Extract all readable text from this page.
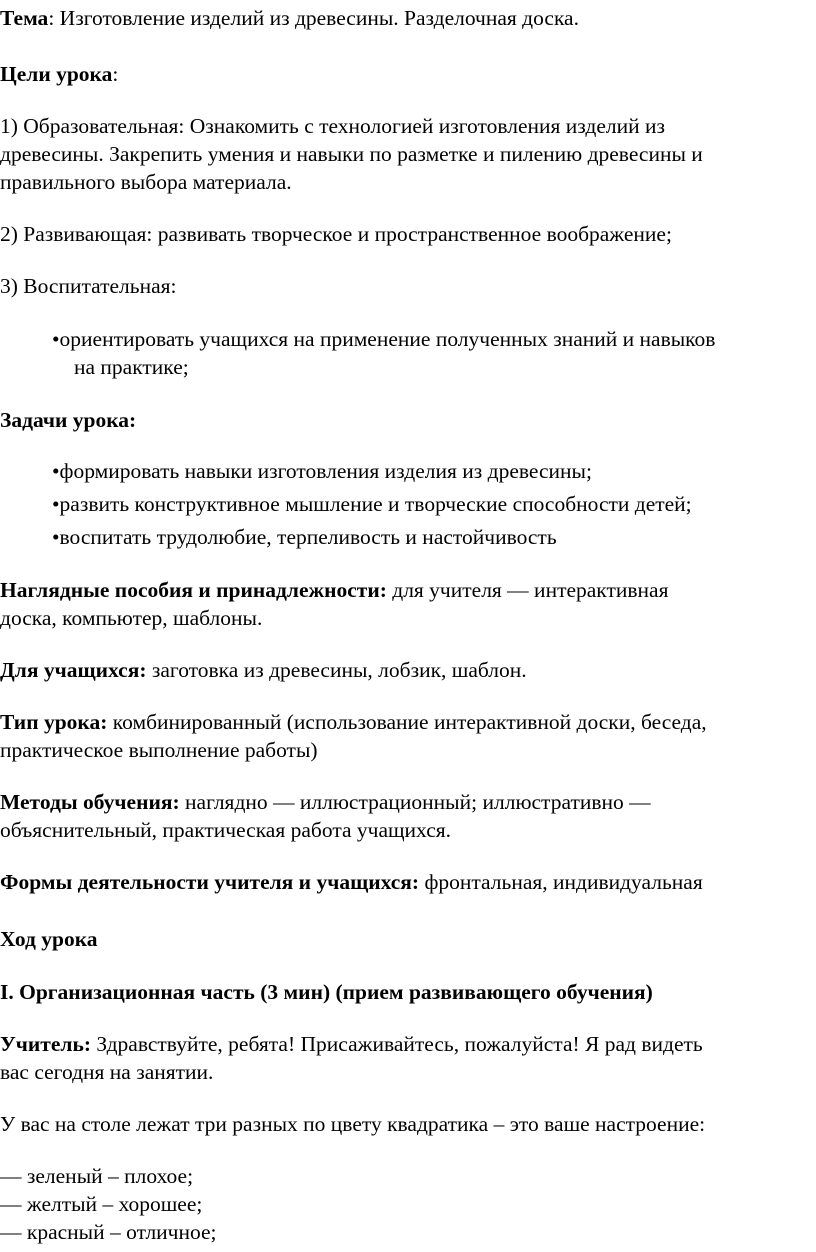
Тема: Изготовление изделий из древесины. Разделочная доска.
Цели урока:
1) Образовательная: Ознакомить с технологией изготовления изделий из
древесины. Закрепить умения и навыки по разметке и пилению древесины и
правильного выбора материала.
2) Развивающая: развивать творческое и пространственное воображение;
3) Воспитательная:
•ориентировать учащихся на применение полученных знаний и навыков
на практике;
Задачи урока:
•формировать навыки изготовления изделия из древесины;
•развить конструктивное мышление и творческие способности детей;
•воспитать трудолюбие, терпеливость и настойчивость
Наглядные пособия и принадлежности: для учителя — интерактивная
доска, компьютер, шаблоны.
Для учащихся: заготовка из древесины, лобзик, шаблон.
Тип урока: комбинированный (использование интерактивной доски, беседа,
практическое выполнение работы)
Методы обучения: наглядно — иллюстрационный; иллюстративно —
объяснительный, практическая работа учащихся.
Формы деятельности учителя и учащихся: фронтальная, индивидуальная
Ход урока
I. Организационная часть (3 мин) (прием развивающего обучения)
Учитель: Здравствуйте, ребята! Присаживайтесь, пожалуйста! Я рад видеть
вас сегодня на занятии.
У вас на столе лежат три разных по цвету квадратика – это ваше настроение:
— зеленый – плохое;
— желтый – хорошее;
— красный – отличное;
